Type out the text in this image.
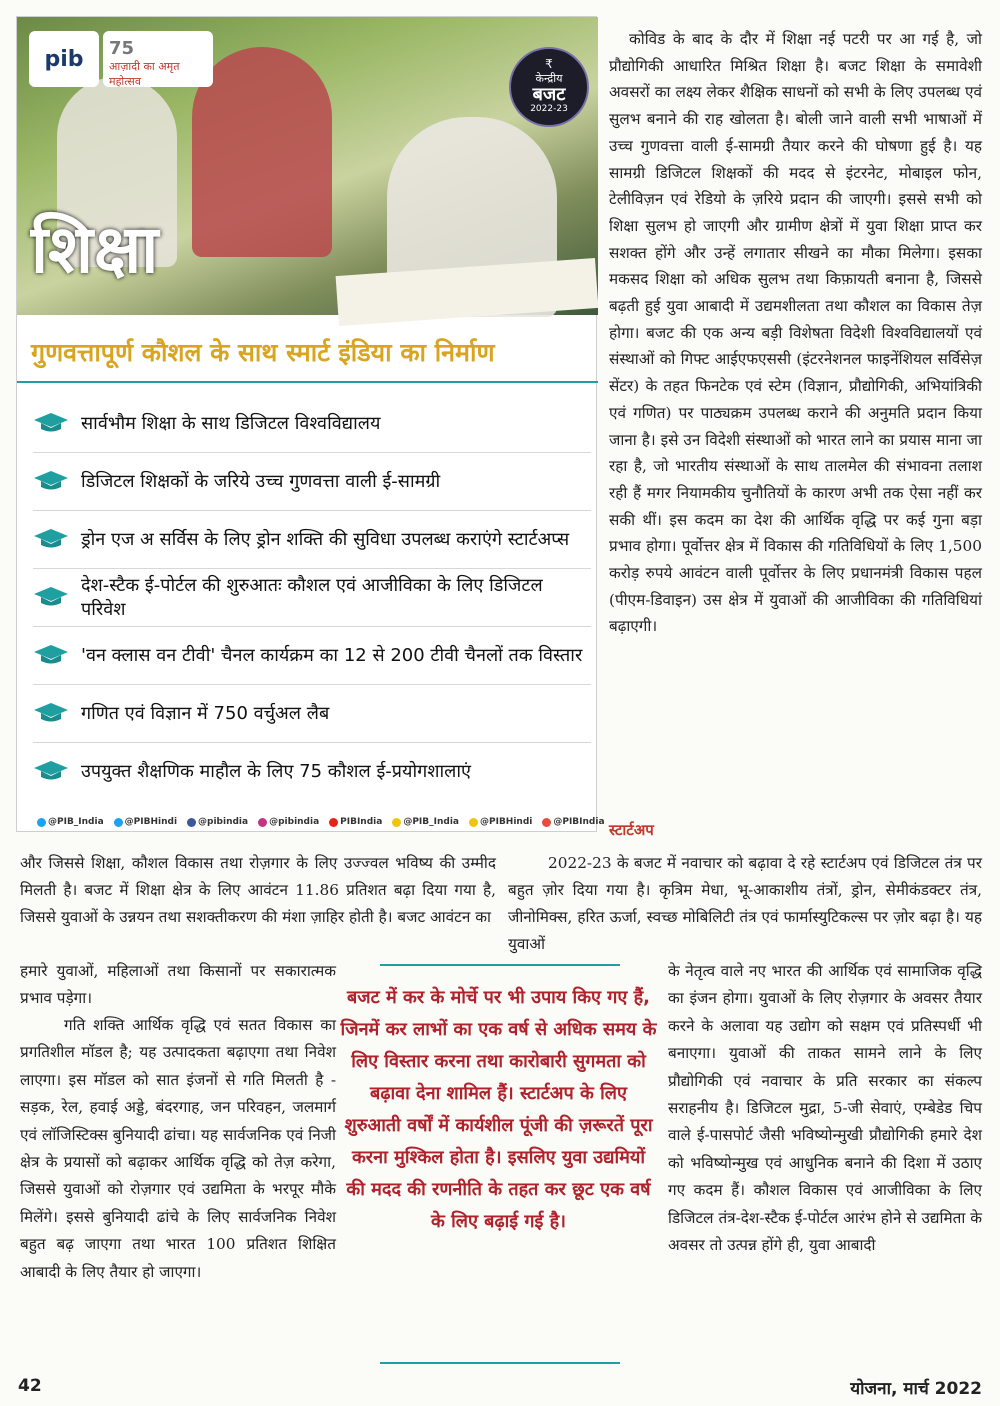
pib 75
आज़ादी का अमृत महोत्सव
₹
केन्द्रीय
बजट
2022-23
शिक्षा
गुणवत्तापूर्ण कौशल के साथ स्मार्ट इंडिया का निर्माण
सार्वभौम शिक्षा के साथ डिजिटल विश्वविद्यालय
डिजिटल शिक्षकों के जरिये उच्च गुणवत्ता वाली ई-सामग्री
ड्रोन एज अ सर्विस के लिए ड्रोन शक्ति की सुविधा उपलब्ध कराएंगे स्टार्टअप्स
देश-स्टैक ई-पोर्टल की शुरुआतः कौशल एवं आजीविका के लिए डिजिटल परिवेश
'वन क्लास वन टीवी' चैनल कार्यक्रम का 12 से 200 टीवी चैनलों तक विस्तार
गणित एवं विज्ञान में 750 वर्चुअल लैब
उपयुक्त शैक्षणिक माहौल के लिए 75 कौशल ई-प्रयोगशालाएं
@PIB_India @PIBHindi @pibindia @pibindia PIBIndia @PIB_India @PIBHindi @PIBIndia

कोविड के बाद के दौर में शिक्षा नई पटरी पर आ गई है, जो प्रौद्योगिकी आधारित मिश्रित शिक्षा है। बजट शिक्षा के समावेशी अवसरों का लक्ष्य लेकर शैक्षिक साधनों को सभी के लिए उपलब्ध एवं सुलभ बनाने की राह खोलता है। बोली जाने वाली सभी भाषाओं में उच्च गुणवत्ता वाली ई-सामग्री तैयार करने की घोषणा हुई है। यह सामग्री डिजिटल शिक्षकों की मदद से इंटरनेट, मोबाइल फोन, टेलीविज़न एवं रेडियो के ज़रिये प्रदान की जाएगी। इससे सभी को शिक्षा सुलभ हो जाएगी और ग्रामीण क्षेत्रों में युवा शिक्षा प्राप्त कर सशक्त होंगे और उन्हें लगातार सीखने का मौका मिलेगा। इसका मकसद शिक्षा को अधिक सुलभ तथा किफ़ायती बनाना है, जिससे बढ़ती हुई युवा आबादी में उद्यमशीलता तथा कौशल का विकास तेज़ होगा। बजट की एक अन्य बड़ी विशेषता विदेशी विश्वविद्यालयों एवं संस्थाओं को गिफ्ट आईएफएससी (इंटरनेशनल फाइनेंशियल सर्विसेज़ सेंटर) के तहत फिनटेक एवं स्टेम (विज्ञान, प्रौद्योगिकी, अभियांत्रिकी एवं गणित) पर पाठ्यक्रम उपलब्ध कराने की अनुमति प्रदान किया जाना है। इसे उन विदेशी संस्थाओं को भारत लाने का प्रयास माना जा रहा है, जो भारतीय संस्थाओं के साथ तालमेल की संभावना तलाश रही हैं मगर नियामकीय चुनौतियों के कारण अभी तक ऐसा नहीं कर सकी थीं। इस कदम का देश की आर्थिक वृद्धि पर कई गुना बड़ा प्रभाव होगा। पूर्वोत्तर क्षेत्र में विकास की गतिविधियों के लिए 1,500 करोड़ रुपये आवंटन वाली पूर्वोत्तर के लिए प्रधानमंत्री विकास पहल (पीएम-डिवाइन) उस क्षेत्र में युवाओं की आजीविका की गतिविधियां बढ़ाएगी।

स्टार्टअप

2022-23 के बजट में नवाचार को बढ़ावा दे रहे स्टार्टअप एवं डिजिटल तंत्र पर बहुत ज़ोर दिया गया है। कृत्रिम मेधा, भू-आकाशीय तंत्रों, ड्रोन, सेमीकंडक्टर तंत्र, जीनोमिक्स, हरित ऊर्जा, स्वच्छ मोबिलिटी तंत्र एवं फार्मास्युटिकल्स पर ज़ोर बढ़ा है। यह युवाओं

के नेतृत्व वाले नए भारत की आर्थिक एवं सामाजिक वृद्धि का इंजन होगा। युवाओं के लिए रोज़गार के अवसर तैयार करने के अलावा यह उद्योग को सक्षम एवं प्रतिस्पर्धी भी बनाएगा। युवाओं की ताकत सामने लाने के लिए प्रौद्योगिकी एवं नवाचार के प्रति सरकार का संकल्प सराहनीय है। डिजिटल मुद्रा, 5-जी सेवाएं, एम्बेडेड चिप वाले ई-पासपोर्ट जैसी भविष्योन्मुखी प्रौद्योगिकी हमारे देश को भविष्योन्मुख एवं आधुनिक बनाने की दिशा में उठाए गए कदम हैं। कौशल विकास एवं आजीविका के लिए डिजिटल तंत्र-देश-स्टैक ई-पोर्टल आरंभ होने से उद्यमिता के अवसर तो उत्पन्न होंगे ही, युवा आबादी

और जिससे शिक्षा, कौशल विकास तथा रोज़गार के लिए उज्ज्वल भविष्य की उम्मीद मिलती है। बजट में शिक्षा क्षेत्र के लिए आवंटन 11.86 प्रतिशत बढ़ा दिया गया है, जिससे युवाओं के उन्नयन तथा सशक्तीकरण की मंशा ज़ाहिर होती है। बजट आवंटन का

हमारे युवाओं, महिलाओं तथा किसानों पर सकारात्मक प्रभाव पड़ेगा।

गति शक्ति आर्थिक वृद्धि एवं सतत विकास का प्रगतिशील मॉडल है; यह उत्पादकता बढ़ाएगा तथा निवेश लाएगा। इस मॉडल को सात इंजनों से गति मिलती है - सड़क, रेल, हवाई अड्डे, बंदरगाह, जन परिवहन, जलमार्ग एवं लॉजिस्टिक्स बुनियादी ढांचा। यह सार्वजनिक एवं निजी क्षेत्र के प्रयासों को बढ़ाकर आर्थिक वृद्धि को तेज़ करेगा, जिससे युवाओं को रोज़गार एवं उद्यमिता के भरपूर मौके मिलेंगे। इससे बुनियादी ढांचे के लिए सार्वजनिक निवेश बहुत बढ़ जाएगा तथा भारत 100 प्रतिशत शिक्षित आबादी के लिए तैयार हो जाएगा।

बजट में कर के मोर्चे पर भी उपाय किए गए हैं, जिनमें कर लाभों का एक वर्ष से अधिक समय के लिए विस्तार करना तथा कारोबारी सुगमता को बढ़ावा देना शामिल हैं। स्टार्टअप के लिए शुरुआती वर्षों में कार्यशील पूंजी की ज़रूरतें पूरा करना मुश्किल होता है। इसलिए युवा उद्यमियों की मदद की रणनीति के तहत कर छूट एक वर्ष के लिए बढ़ाई गई है।

42	योजना, मार्च 2022
